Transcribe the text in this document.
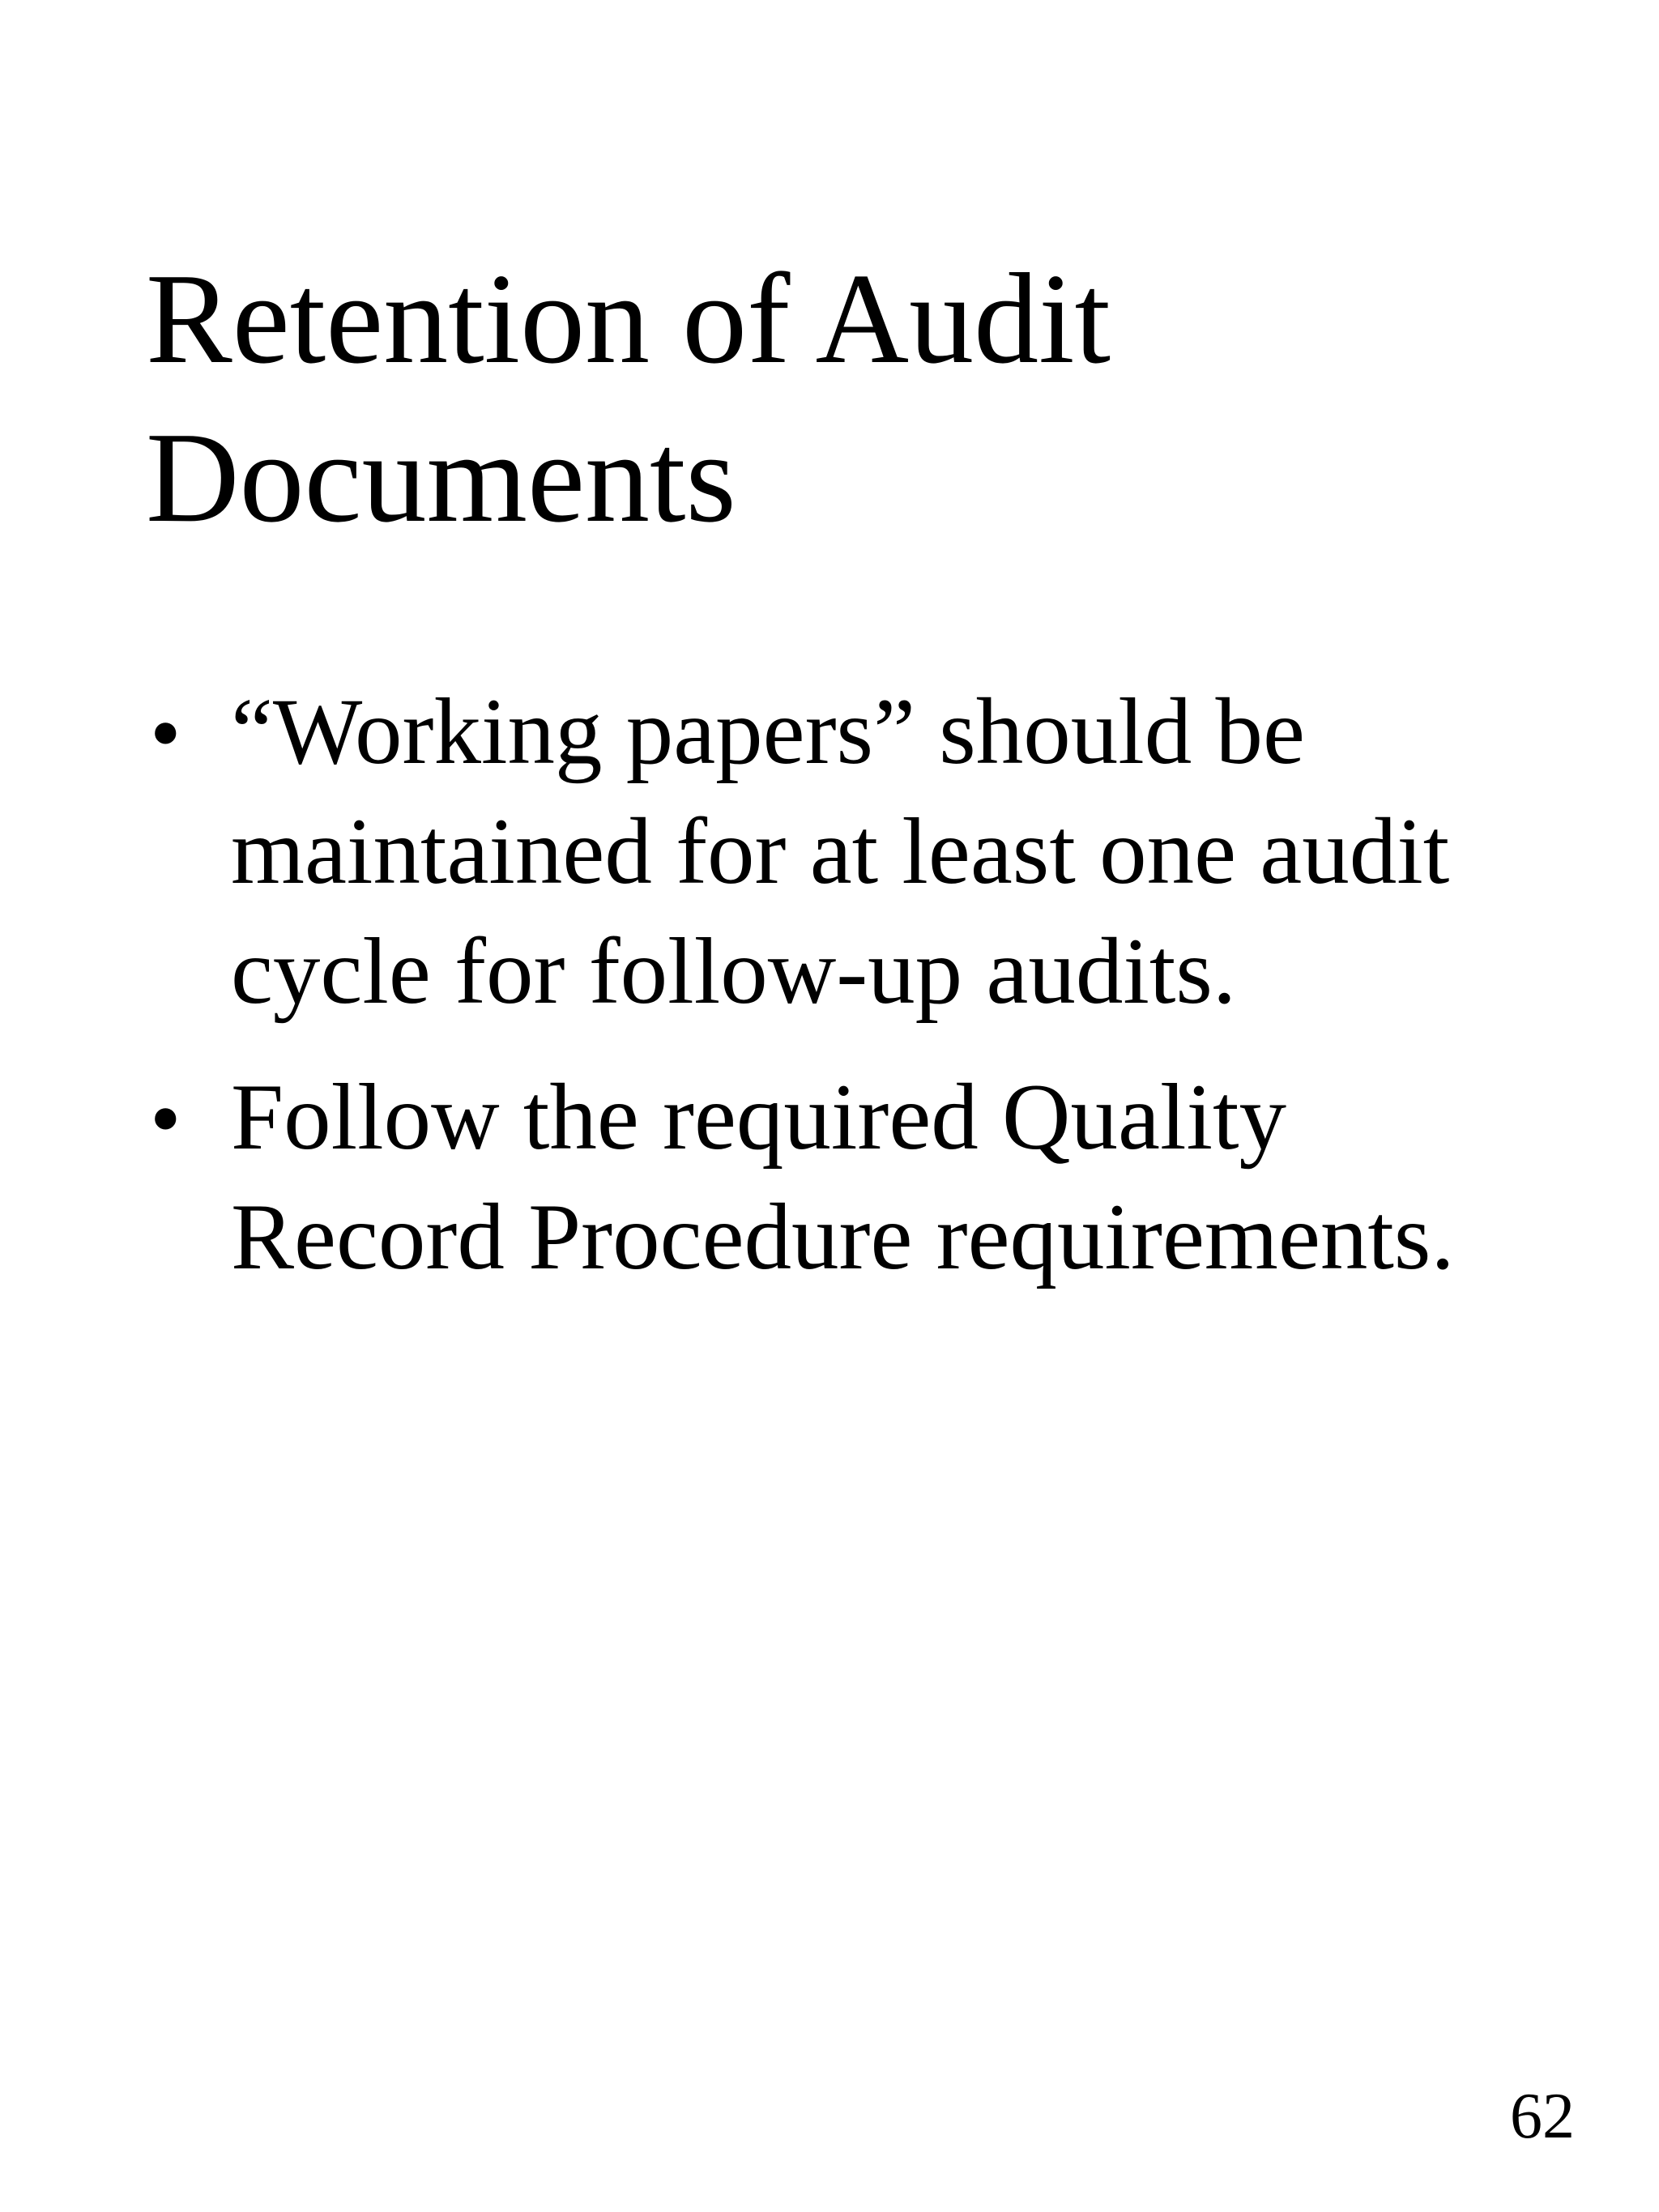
Retention of Audit
Documents
• “Working papers” should be
maintained for at least one audit
cycle for follow-up audits.
• Follow the required Quality
Record Procedure requirements.
62
